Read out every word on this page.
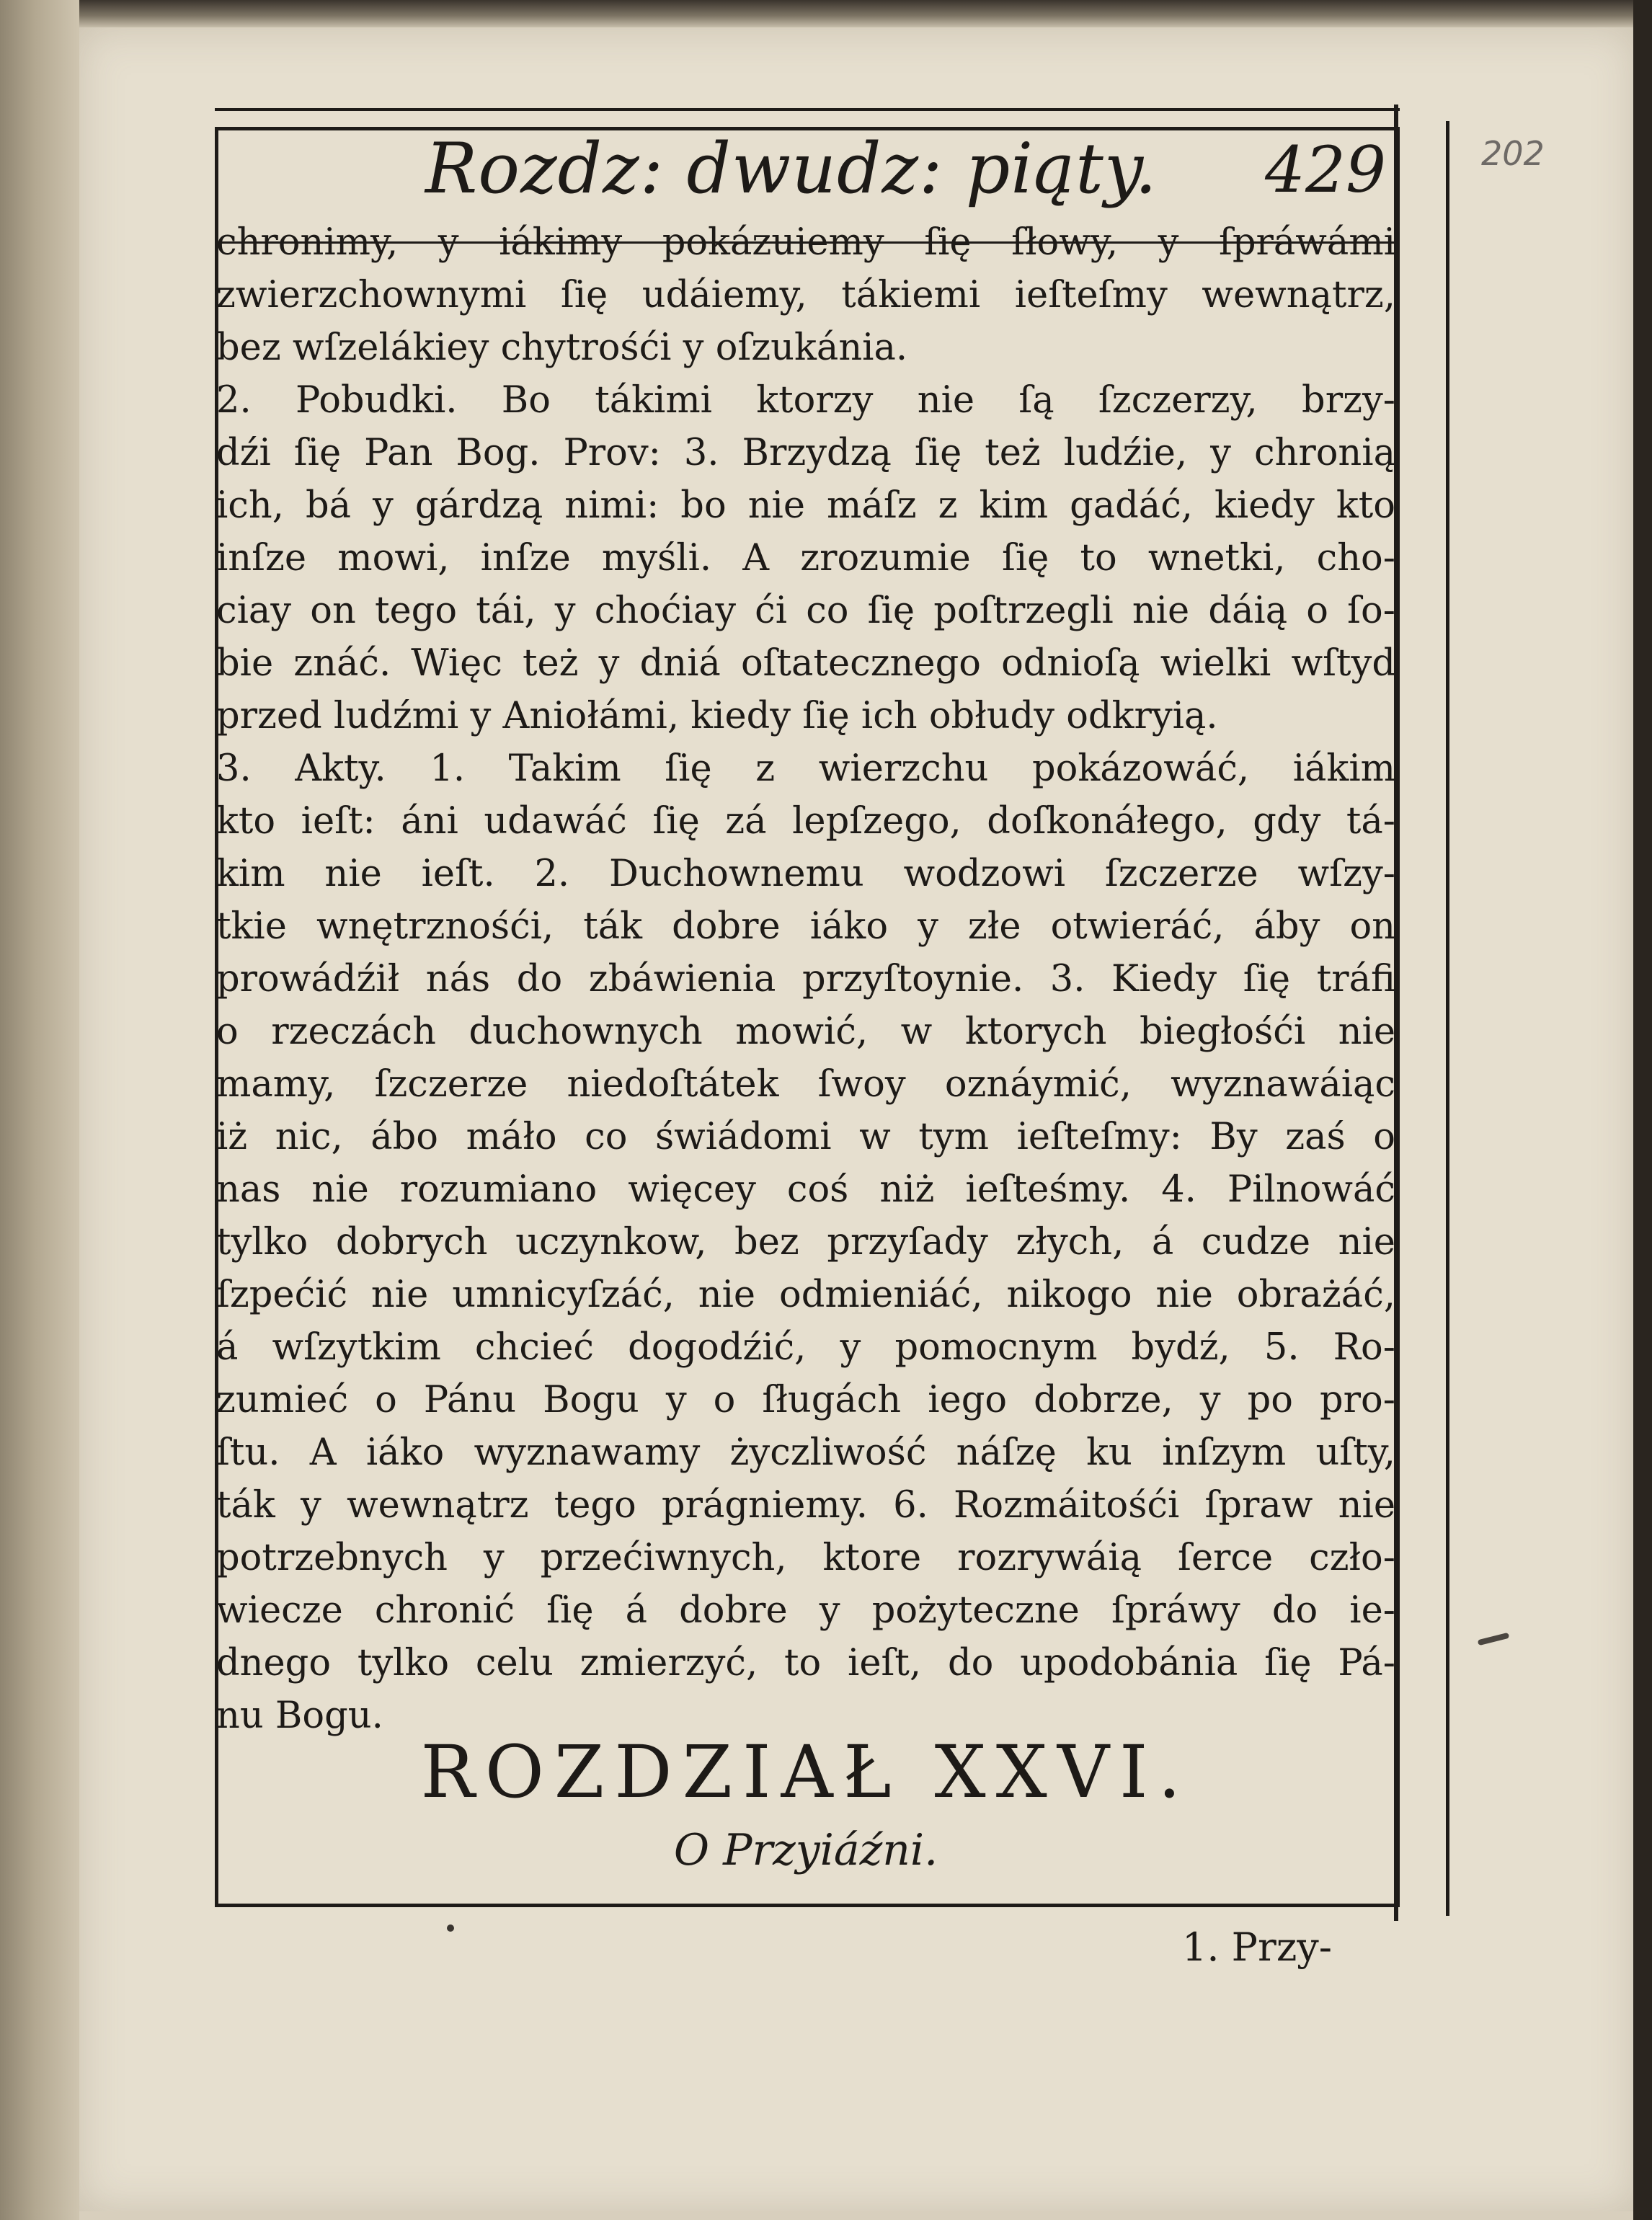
Rozdz: dwudz: piąty. 429	202
chronimy, y iákimy pokázuiemy ſię ſłowy, y ſpráwámi
zwierzchownymi ſię udáiemy, tákiemi ieſteſmy wewnątrz,
bez wſzelákiey chytrośći y oſzukánia.
2. Pobudki. Bo tákimi ktorzy nie ſą ſzczerzy, brzy-
dźi ſię Pan Bog. Prov: 3. Brzydzą ſię też ludźie, y chronią
ich, bá y gárdzą nimi: bo nie máſz z kim gadáć, kiedy kto
inſze mowi, inſze myśli. A zrozumie ſię to wnetki, cho-
ciay on tego tái, y choćiay ći co ſię poſtrzegli nie dáią o ſo-
bie znáć. Więc też y dniá oſtatecznego odnioſą wielki wſtyd
przed ludźmi y Aniołámi, kiedy ſię ich obłudy odkryią.
3. Akty. 1. Takim ſię z wierzchu pokázowáć, iákim
kto ieſt: áni udawáć ſię zá lepſzego, doſkonáłego, gdy tá-
kim nie ieſt. 2. Duchownemu wodzowi ſzczerze wſzy-
tkie wnętrznośći, ták dobre iáko y złe otwieráć, áby on
prowádźił nás do zbáwienia przyſtoynie. 3. Kiedy ſię tráfi
o rzeczách duchownych mowić, w ktorych biegłośći nie
mamy, ſzczerze niedoſtátek ſwoy oznáymić, wyznawáiąc
iż nic, ábo máło co świádomi w tym ieſteſmy: By zaś o
nas nie rozumiano więcey coś niż ieſteśmy. 4. Pilnowáć
tylko dobrych uczynkow, bez przyſady złych, á cudze nie
ſzpećić nie umnicyſzáć, nie odmieniáć, nikogo nie obrażáć,
á wſzytkim chcieć dogodźić, y pomocnym bydź, 5. Ro-
zumieć o Pánu Bogu y o ſługách iego dobrze, y po pro-
ſtu. A iáko wyznawamy życzliwość náſzę ku inſzym uſty,
ták y wewnątrz tego prágniemy. 6. Rozmáitośći ſpraw nie
potrzebnych y przećiwnych, ktore rozrywáią ſerce czło-
wiecze chronić ſię á dobre y pożyteczne ſpráwy do ie-
dnego tylko celu zmierzyć, to ieſt, do upodobánia ſię Pá-
nu Bogu.
ROZDZIAŁ XXVI.
O Przyiáźni.
1. Przy-
